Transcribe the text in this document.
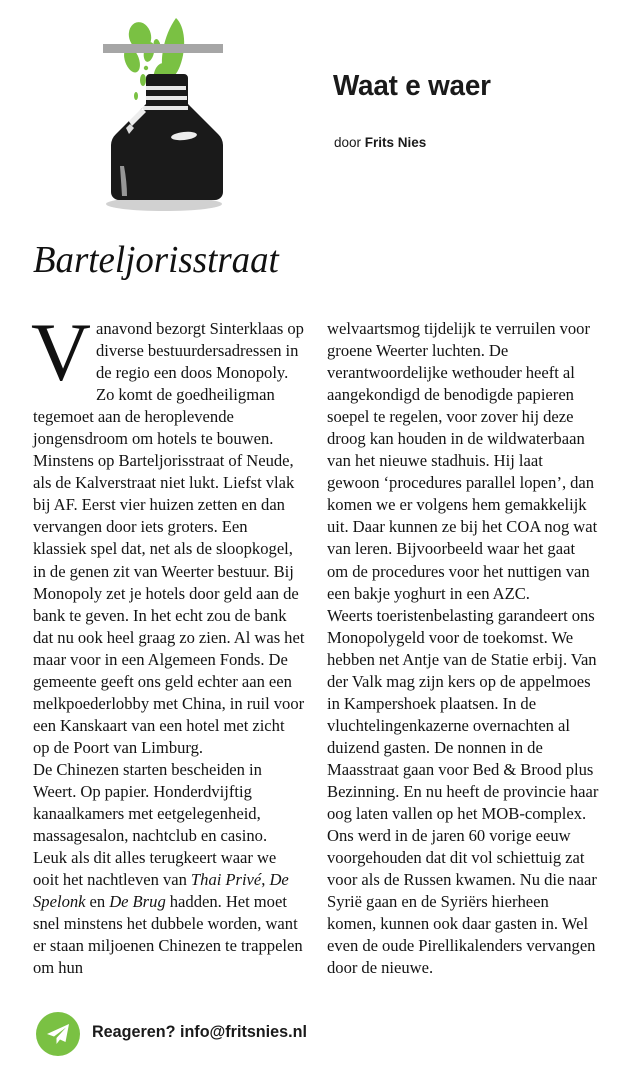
Waat e waer
door Frits Nies
Barteljorisstraat

Vanavond bezorgt Sinterklaas op diverse bestuurdersadressen in de regio een doos Monopoly. Zo komt de goedheiligman tegemoet aan de heroplevende jongensdroom om hotels te bouwen. Minstens op Barteljorisstraat of Neude, als de Kalverstraat niet lukt. Liefst vlak bij AF. Eerst vier huizen zetten en dan vervangen door iets groters. Een klassiek spel dat, net als de sloopkogel, in de genen zit van Weerter bestuur. Bij Monopoly zet je hotels door geld aan de bank te geven. In het echt zou de bank dat nu ook heel graag zo zien. Al was het maar voor in een Algemeen Fonds. De gemeente geeft ons geld echter aan een melkpoederlobby met China, in ruil voor een Kanskaart van een hotel met zicht op de Poort van Limburg.

De Chinezen starten bescheiden in Weert. Op papier. Honderdvijftig kanaalkamers met eetgelegenheid, massagesalon, nachtclub en casino. Leuk als dit alles terugkeert waar we ooit het nachtleven van Thai Privé, De Spelonk en De Brug hadden. Het moet snel minstens het dubbele worden, want er staan miljoenen Chinezen te trappelen om hun

welvaartsmog tijdelijk te verruilen voor groene Weerter luchten. De verantwoordelijke wethouder heeft al aangekondigd de benodigde papieren soepel te regelen, voor zover hij deze droog kan houden in de wildwaterbaan van het nieuwe stadhuis. Hij laat gewoon ‘procedures parallel lopen’, dan komen we er volgens hem gemakkelijk uit. Daar kunnen ze bij het COA nog wat van leren. Bijvoorbeeld waar het gaat om de procedures voor het nuttigen van een bakje yoghurt in een AZC.

Weerts toeristenbelasting garandeert ons Monopolygeld voor de toekomst. We hebben net Antje van de Statie erbij. Van der Valk mag zijn kers op de appelmoes in Kampershoek plaatsen. In de vluchtelingenkazerne overnachten al duizend gasten. De nonnen in de Maasstraat gaan voor Bed & Brood plus Bezinning. En nu heeft de provincie haar oog laten vallen op het MOB-complex. Ons werd in de jaren 60 vorige eeuw voorgehouden dat dit vol schiettuig zat voor als de Russen kwamen. Nu die naar Syrië gaan en de Syriërs hierheen komen, kunnen ook daar gasten in. Wel even de oude Pirellikalenders vervangen door de nieuwe.

Reageren? info@fritsnies.nl
